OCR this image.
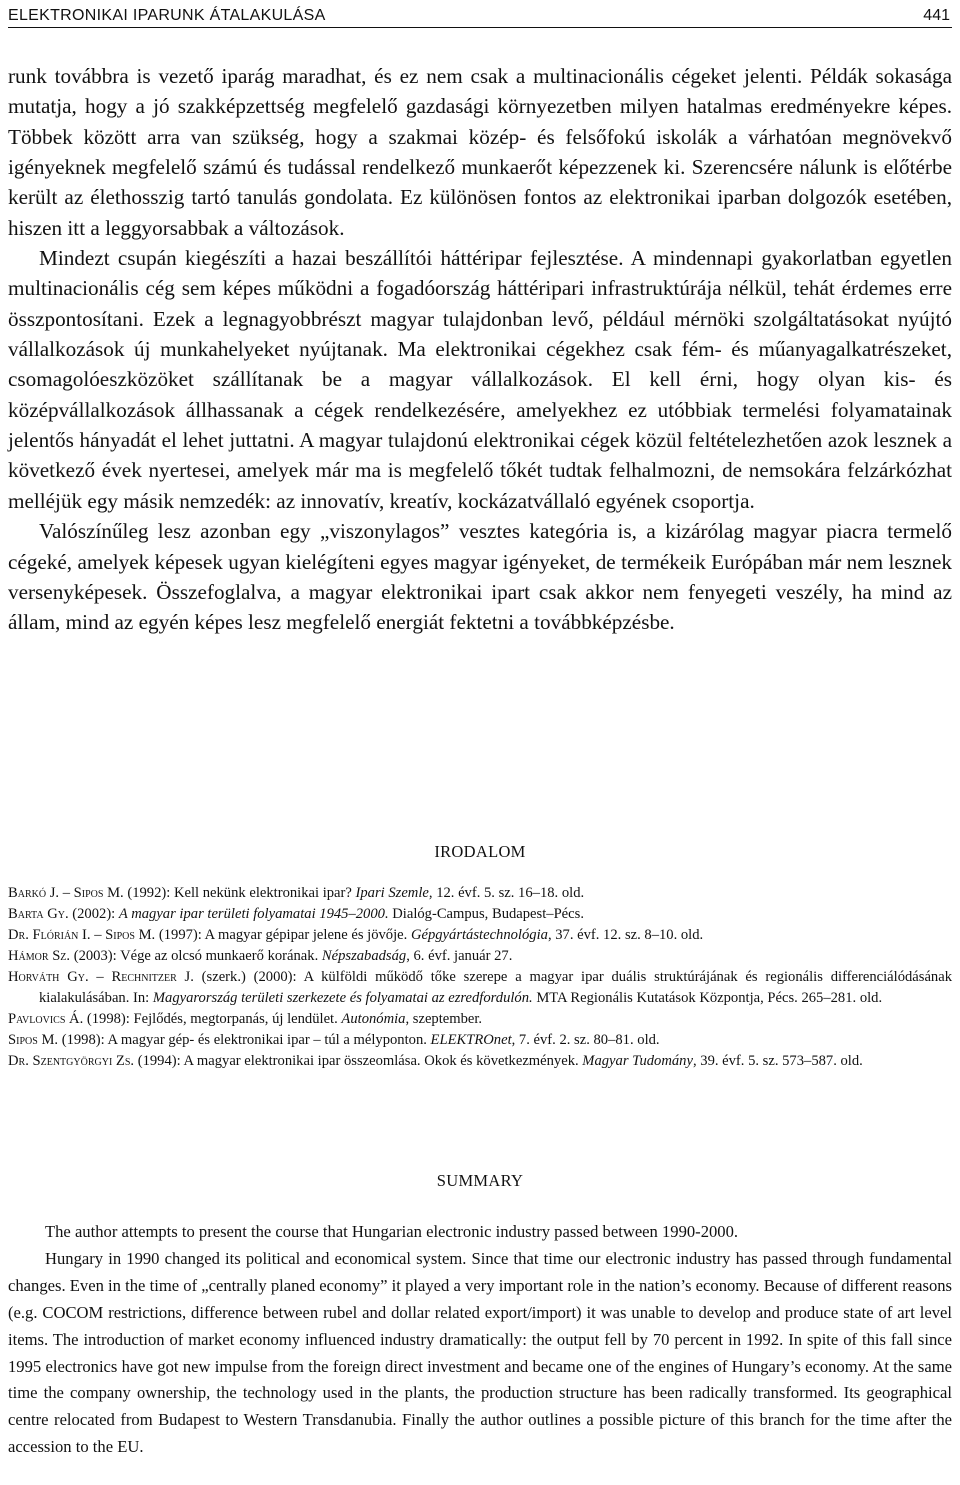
ELEKTRONIKAI IPARUNK ÁTALAKULÁSA	441

runk továbbra is vezető iparág maradhat, és ez nem csak a multinacionális cégeket jelenti. Példák sokasága mutatja, hogy a jó szakképzettség megfelelő gazdasági környezetben milyen hatalmas eredményekre képes. Többek között arra van szükség, hogy a szakmai közép- és felsőfokú iskolák a várhatóan megnövekvő igényeknek megfelelő számú és tudással rendelkező munkaerőt képezzenek ki. Szerencsére nálunk is előtérbe került az élethosszig tartó tanulás gondolata. Ez különösen fontos az elektronikai iparban dolgozók esetében, hiszen itt a leggyorsabbak a változások.

Mindezt csupán kiegészíti a hazai beszállítói háttéripar fejlesztése. A mindennapi gyakorlatban egyetlen multinacionális cég sem képes működni a fogadóország háttéripari infrastruktúrája nélkül, tehát érdemes erre összpontosítani. Ezek a legnagyobbrészt magyar tulajdonban levő, például mérnöki szolgáltatásokat nyújtó vállalkozások új munkahelyeket nyújtanak. Ma elektronikai cégekhez csak fém- és műanyagalkatrészeket, csomagolóeszközöket szállítanak be a magyar vállalkozások. El kell érni, hogy olyan kis- és középvállalkozások állhassanak a cégek rendelkezésére, amelyekhez ez utóbbiak termelési folyamatainak jelentős hányadát el lehet juttatni. A magyar tulajdonú elektronikai cégek közül feltételezhetően azok lesznek a következő évek nyertesei, amelyek már ma is megfelelő tőkét tudtak felhalmozni, de nemsokára felzárkózhat melléjük egy másik nemzedék: az innovatív, kreatív, kockázatvállaló egyének csoportja.

Valószínűleg lesz azonban egy „viszonylagos” vesztes kategória is, a kizárólag magyar piacra termelő cégeké, amelyek képesek ugyan kielégíteni egyes magyar igényeket, de termékeik Európában már nem lesznek versenyképesek. Összefoglalva, a magyar elektronikai ipart csak akkor nem fenyegeti veszély, ha mind az állam, mind az egyén képes lesz megfelelő energiát fektetni a továbbképzésbe.

IRODALOM

Barkó J. – Sipos M. (1992): Kell nekünk elektronikai ipar? Ipari Szemle, 12. évf. 5. sz. 16–18. old.

Barta Gy. (2002): A magyar ipar területi folyamatai 1945–2000. Dialóg-Campus, Budapest–Pécs.

Dr. Flórián I. – Sipos M. (1997): A magyar gépipar jelene és jövője. Gépgyártástechnológia, 37. évf. 12. sz. 8–10. old.

Hámor Sz. (2003): Vége az olcsó munkaerő korának. Népszabadság, 6. évf. január 27.

Horváth Gy. – Rechnitzer J. (szerk.) (2000): A külföldi működő tőke szerepe a magyar ipar duális struktúrájának és regionális differenciálódásának kialakulásában. In: Magyarország területi szerkezete és folyamatai az ezredfordulón. MTA Regionális Kutatások Központja, Pécs. 265–281. old.

Pavlovics Á. (1998): Fejlődés, megtorpanás, új lendület. Autonómia, szeptember.

Sipos M. (1998): A magyar gép- és elektronikai ipar – túl a mélyponton. ELEKTROnet, 7. évf. 2. sz. 80–81. old.

Dr. Szentgyörgyi Zs. (1994): A magyar elektronikai ipar összeomlása. Okok és következmények. Magyar Tudomány, 39. évf. 5. sz. 573–587. old.

SUMMARY

The author attempts to present the course that Hungarian electronic industry passed between 1990-2000.

Hungary in 1990 changed its political and economical system. Since that time our electronic industry has passed through fundamental changes. Even in the time of „centrally planed economy” it played a very important role in the nation’s economy. Because of different reasons (e.g. COCOM restrictions, difference between rubel and dollar related export/import) it was unable to develop and produce state of art level items. The introduction of market economy influenced industry dramatically: the output fell by 70 percent in 1992. In spite of this fall since 1995 electronics have got new impulse from the foreign direct investment and became one of the engines of Hungary’s economy. At the same time the company ownership, the technology used in the plants, the production structure has been radically transformed. Its geographical centre relocated from Budapest to Western Transdanubia. Finally the author outlines a possible picture of this branch for the time after the accession to the EU.
